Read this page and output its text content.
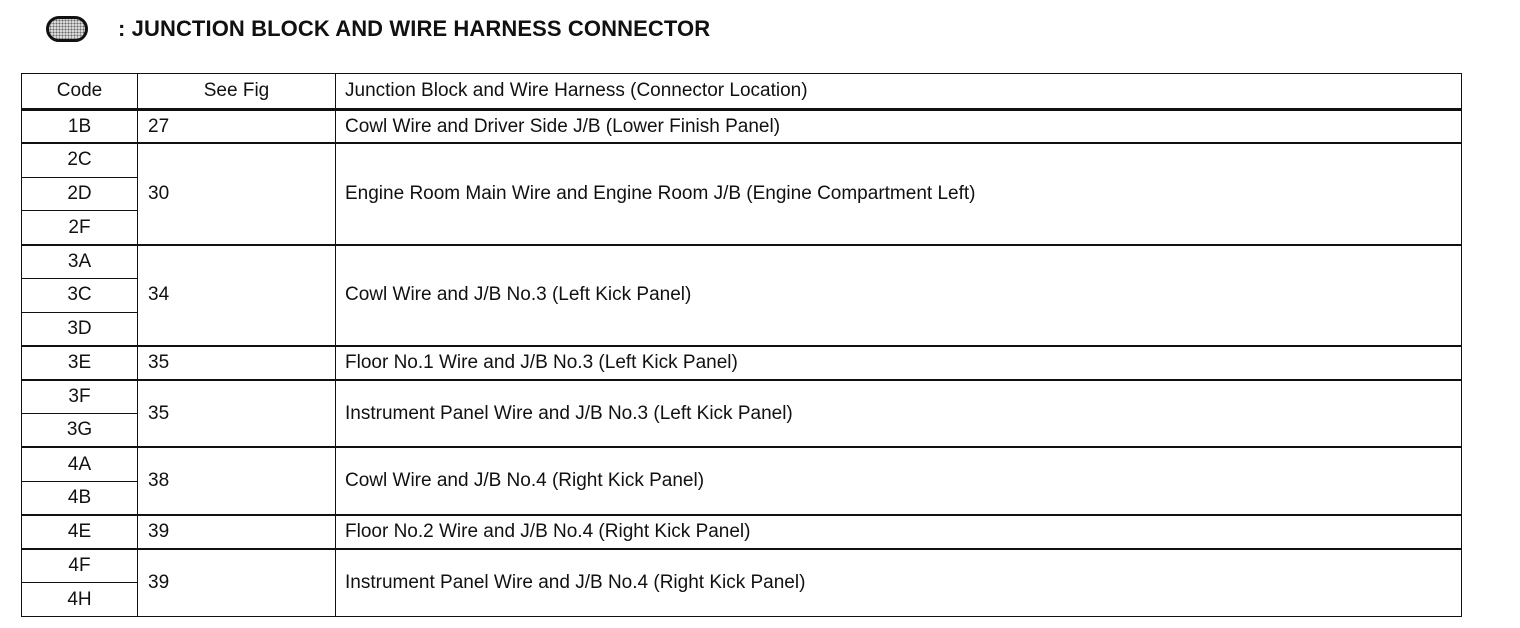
: JUNCTION BLOCK AND WIRE HARNESS CONNECTOR
Code	See Fig	Junction Block and Wire Harness (Connector Location)
1B	27	Cowl Wire and Driver Side J/B (Lower Finish Panel)
2C	30	Engine Room Main Wire and Engine Room J/B (Engine Compartment Left)
2D		
2F		
3A	34	Cowl Wire and J/B No.3 (Left Kick Panel)
3C		
3D		
3E	35	Floor No.1 Wire and J/B No.3 (Left Kick Panel)
3F	35	Instrument Panel Wire and J/B No.3 (Left Kick Panel)
3G		
4A	38	Cowl Wire and J/B No.4 (Right Kick Panel)
4B		
4E	39	Floor No.2 Wire and J/B No.4 (Right Kick Panel)
4F	39	Instrument Panel Wire and J/B No.4 (Right Kick Panel)
4H		
